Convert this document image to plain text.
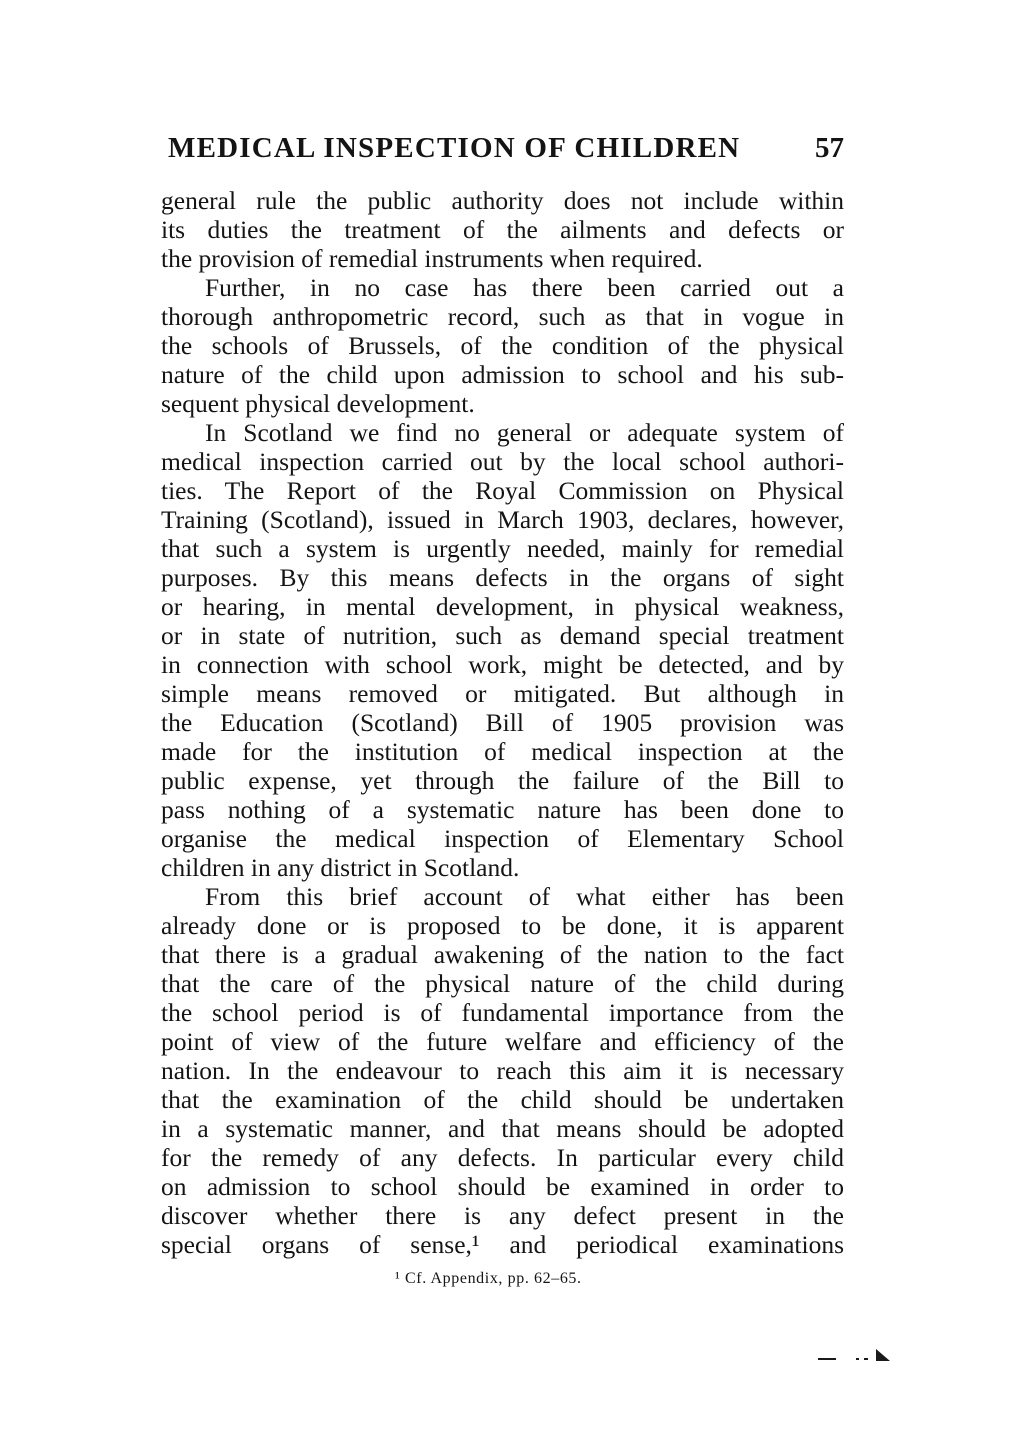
MEDICAL INSPECTION OF CHILDREN	57
general rule the public authority does not include within
its duties the treatment of the ailments and defects or
the provision of remedial instruments when required.
Further, in no case has there been carried out a
thorough anthropometric record, such as that in vogue in
the schools of Brussels, of the condition of the physical
nature of the child upon admission to school and his sub-
sequent physical development.
In Scotland we find no general or adequate system of
medical inspection carried out by the local school authori-
ties. The Report of the Royal Commission on Physical
Training (Scotland), issued in March 1903, declares, however,
that such a system is urgently needed, mainly for remedial
purposes. By this means defects in the organs of sight
or hearing, in mental development, in physical weakness,
or in state of nutrition, such as demand special treatment
in connection with school work, might be detected, and by
simple means removed or mitigated. But although in
the Education (Scotland) Bill of 1905 provision was
made for the institution of medical inspection at the
public expense, yet through the failure of the Bill to
pass nothing of a systematic nature has been done to
organise the medical inspection of Elementary School
children in any district in Scotland.
From this brief account of what either has been
already done or is proposed to be done, it is apparent
that there is a gradual awakening of the nation to the fact
that the care of the physical nature of the child during
the school period is of fundamental importance from the
point of view of the future welfare and efficiency of the
nation. In the endeavour to reach this aim it is necessary
that the examination of the child should be undertaken
in a systematic manner, and that means should be adopted
for the remedy of any defects. In particular every child
on admission to school should be examined in order to
discover whether there is any defect present in the
special organs of sense,¹ and periodical examinations
¹ Cf. Appendix, pp. 62–65.
